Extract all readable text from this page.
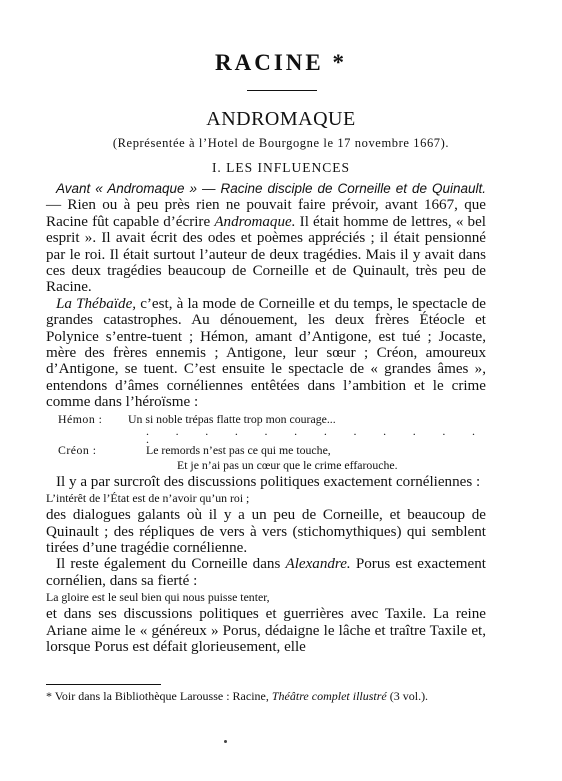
RACINE *
ANDROMAQUE
(Représentée à l’Hotel de Bourgogne le 17 novembre 1667).
I. LES INFLUENCES

Avant « Andromaque » — Racine disciple de Corneille et de Quinault. — Rien ou à peu près rien ne pouvait faire prévoir, avant 1667, que Racine fût capable d’écrire Andromaque. Il était homme de lettres, « bel esprit ». Il avait écrit des odes et poèmes appréciés ; il était pensionné par le roi. Il était surtout l’auteur de deux tragédies. Mais il y avait dans ces deux tragédies beaucoup de Corneille et de Quinault, très peu de Racine.

La Thébaïde, c’est, à la mode de Corneille et du temps, le spectacle de grandes catastrophes. Au dénouement, les deux frères Étéocle et Polynice s’entre-tuent ; Hémon, amant d’Antigone, est tué ; Jocaste, mère des frères ennemis ; Antigone, leur sœur ; Créon, amoureux d’Antigone, se tuent. C’est ensuite le spectacle de « grandes âmes », entendons d’âmes cornéliennes entêtées dans l’ambition et le crime comme dans l’héroïsme :

Hémon : Un si noble trépas flatte trop mon courage...
. . . . . . . . . . . . .
Créon :	Le remords n’est pas ce qui me touche,
Et je n’ai pas un cœur que le crime effarouche.

Il y a par surcroît des discussions politiques exactement cornéliennes :

L’intérêt de l’État est de n’avoir qu’un roi ;

des dialogues galants où il y a un peu de Corneille, et beaucoup de Quinault ; des répliques de vers à vers (stichomythiques) qui semblent tirées d’une tragédie cornélienne.

Il reste également du Corneille dans Alexandre. Porus est exactement cornélien, dans sa fierté :

La gloire est le seul bien qui nous puisse tenter,

et dans ses discussions politiques et guerrières avec Taxile. La reine Ariane aime le « généreux » Porus, dédaigne le lâche et traître Taxile et, lorsque Porus est défait glorieusement, elle

* Voir dans la Bibliothèque Larousse : Racine, Théâtre complet illustré (3 vol.).
